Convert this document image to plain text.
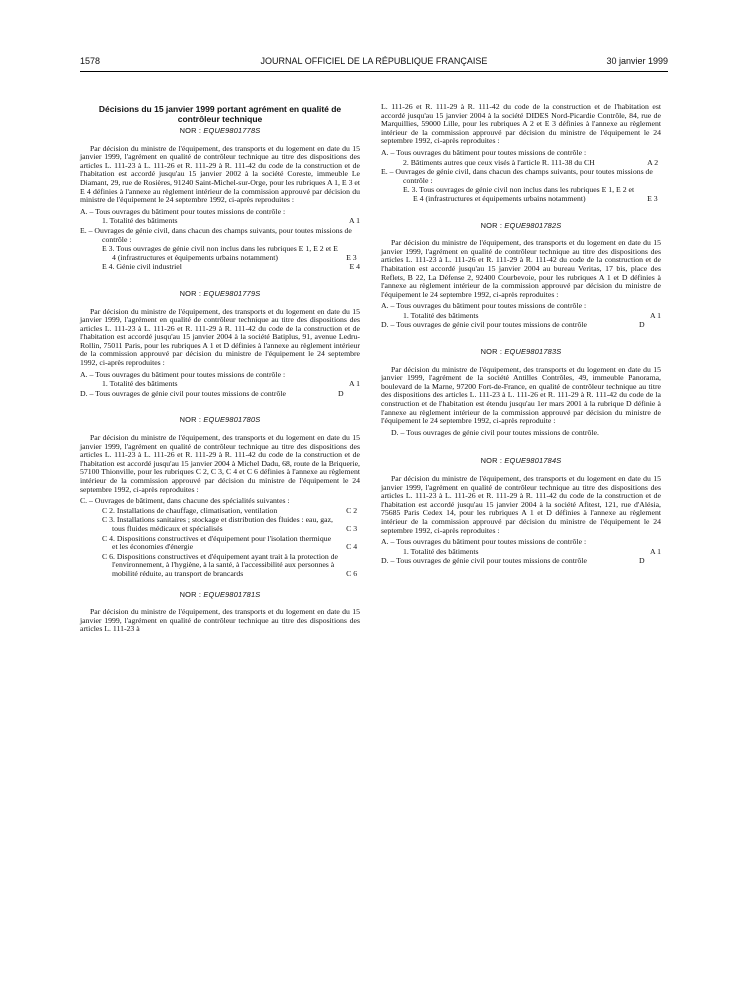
1578	JOURNAL OFFICIEL DE LA RÉPUBLIQUE FRANÇAISE	30 janvier 1999

Décisions du 15 janvier 1999 portant agrément en qualité de contrôleur technique

NOR : EQUE9801778S

Par décision du ministre de l'équipement, des transports et du logement en date du 15 janvier 1999, l'agrément en qualité de contrôleur technique au titre des dispositions des articles L. 111-23 à L. 111-26 et R. 111-29 à R. 111-42 du code de la construction et de l'habitation est accordé jusqu'au 15 janvier 2002 à la société Coreste, immeuble Le Diamant, 29, rue de Rosières, 91240 Saint-Michel-sur-Orge, pour les rubriques A 1, E 3 et E 4 définies à l'annexe au règlement intérieur de la commission approuvé par décision du ministre de l'équipement le 24 septembre 1992, ci-après reproduites :

A. – Tous ouvrages du bâtiment pour toutes missions de contrôle :
1. Totalité des bâtiments	A 1
E. – Ouvrages de génie civil, dans chacun des champs suivants, pour toutes missions de contrôle :
E 3. Tous ouvrages de génie civil non inclus dans les rubriques E 1, E 2 et E 4 (infrastructures et équipements urbains notamment)	E 3
E 4. Génie civil industriel	E 4
NOR : EQUE9801779S

Par décision du ministre de l'équipement, des transports et du logement en date du 15 janvier 1999, l'agrément en qualité de contrôleur technique au titre des dispositions des articles L. 111-23 à L. 111-26 et R. 111-29 à R. 111-42 du code de la construction et de l'habitation est accordé jusqu'au 15 janvier 2004 à la société Batiplus, 91, avenue Ledru-Rollin, 75011 Paris, pour les rubriques A 1 et D définies à l'annexe au règlement intérieur de la commission approuvé par décision du ministre de l'équipement le 24 septembre 1992, ci-après reproduites :

A. – Tous ouvrages du bâtiment pour toutes missions de contrôle :
1. Totalité des bâtiments	A 1
D. – Tous ouvrages de génie civil pour toutes missions de contrôle	D
NOR : EQUE9801780S

Par décision du ministre de l'équipement, des transports et du logement en date du 15 janvier 1999, l'agrément en qualité de contrôleur technique au titre des dispositions des articles L. 111-23 à L. 111-26 et R. 111-29 à R. 111-42 du code de la construction et de l'habitation est accordé jusqu'au 15 janvier 2004 à Michel Dadu, 68, route de la Briquerie, 57100 Thionville, pour les rubriques C 2, C 3, C 4 et C 6 définies à l'annexe au règlement intérieur de la commission approuvé par décision du ministre de l'équipement le 24 septembre 1992, ci-après reproduites :

C. – Ouvrages de bâtiment, dans chacune des spécialités suivantes :
C 2. Installations de chauffage, climatisation, ventilation	C 2
C 3. Installations sanitaires ; stockage et distribution des fluides : eau, gaz, tous fluides médicaux et spécialisés	C 3
C 4. Dispositions constructives et d'équipement pour l'isolation thermique et les économies d'énergie	C 4
C 6. Dispositions constructives et d'équipement ayant trait à la protection de l'environnement, à l'hygiène, à la santé, à l'accessibilité aux personnes à mobilité réduite, au transport de brancards	C 6
NOR : EQUE9801781S

Par décision du ministre de l'équipement, des transports et du logement en date du 15 janvier 1999, l'agrément en qualité de contrôleur technique au titre des dispositions des articles L. 111-23 à

L. 111-26 et R. 111-29 à R. 111-42 du code de la construction et de l'habitation est accordé jusqu'au 15 janvier 2004 à la société DIDES Nord-Picardie Contrôle, 84, rue de Marquillies, 59000 Lille, pour les rubriques A 2 et E 3 définies à l'annexe au règlement intérieur de la commission approuvé par décision du ministre de l'équipement le 24 septembre 1992, ci-après reproduites :

A. – Tous ouvrages du bâtiment pour toutes missions de contrôle :
2. Bâtiments autres que ceux visés à l'article R. 111-38 du CH	A 2
E. – Ouvrages de génie civil, dans chacun des champs suivants, pour toutes missions de contrôle :
E. 3. Tous ouvrages de génie civil non inclus dans les rubriques E 1, E 2 et E 4 (infrastructures et équipements urbains notamment)	E 3
NOR : EQUE9801782S

Par décision du ministre de l'équipement, des transports et du logement en date du 15 janvier 1999, l'agrément en qualité de contrôleur technique au titre des dispositions des articles L. 111-23 à L. 111-26 et R. 111-29 à R. 111-42 du code de la construction et de l'habitation est accordé jusqu'au 15 janvier 2004 au bureau Veritas, 17 bis, place des Reflets, B 22, La Défense 2, 92400 Courbevoie, pour les rubriques A 1 et D définies à l'annexe au règlement intérieur de la commission approuvé par décision du ministre de l'équipement le 24 septembre 1992, ci-après reproduites :

A. – Tous ouvrages du bâtiment pour toutes missions de contrôle :
1. Totalité des bâtiments	A 1
D. – Tous ouvrages de génie civil pour toutes missions de contrôle	D
NOR : EQUE9801783S

Par décision du ministre de l'équipement, des transports et du logement en date du 15 janvier 1999, l'agrément de la société Antilles Contrôles, 49, immeuble Panorama, boulevard de la Marne, 97200 Fort-de-France, en qualité de contrôleur technique au titre des dispositions des articles L. 111-23 à L. 111-26 et R. 111-29 à R. 111-42 du code de la construction et de l'habitation est étendu jusqu'au 1er mars 2001 à la rubrique D définie à l'annexe au règlement intérieur de la commission approuvé par décision du ministre de l'équipement le 24 septembre 1992, ci-après reproduite :

D. – Tous ouvrages de génie civil pour toutes missions de contrôle.

NOR : EQUE9801784S

Par décision du ministre de l'équipement, des transports et du logement en date du 15 janvier 1999, l'agrément en qualité de contrôleur technique au titre des dispositions des articles L. 111-23 à L. 111-26 et R. 111-29 à R. 111-42 du code de la construction et de l'habitation est accordé jusqu'au 15 janvier 2004 à la société Afitest, 121, rue d'Alésia, 75685 Paris Cedex 14, pour les rubriques A 1 et D définies à l'annexe au règlement intérieur de la commission approuvé par décision du ministre de l'équipement le 24 septembre 1992, ci-après reproduites :

A. – Tous ouvrages du bâtiment pour toutes missions de contrôle :
1. Totalité des bâtiments	A 1
D. – Tous ouvrages de génie civil pour toutes missions de contrôle	D
